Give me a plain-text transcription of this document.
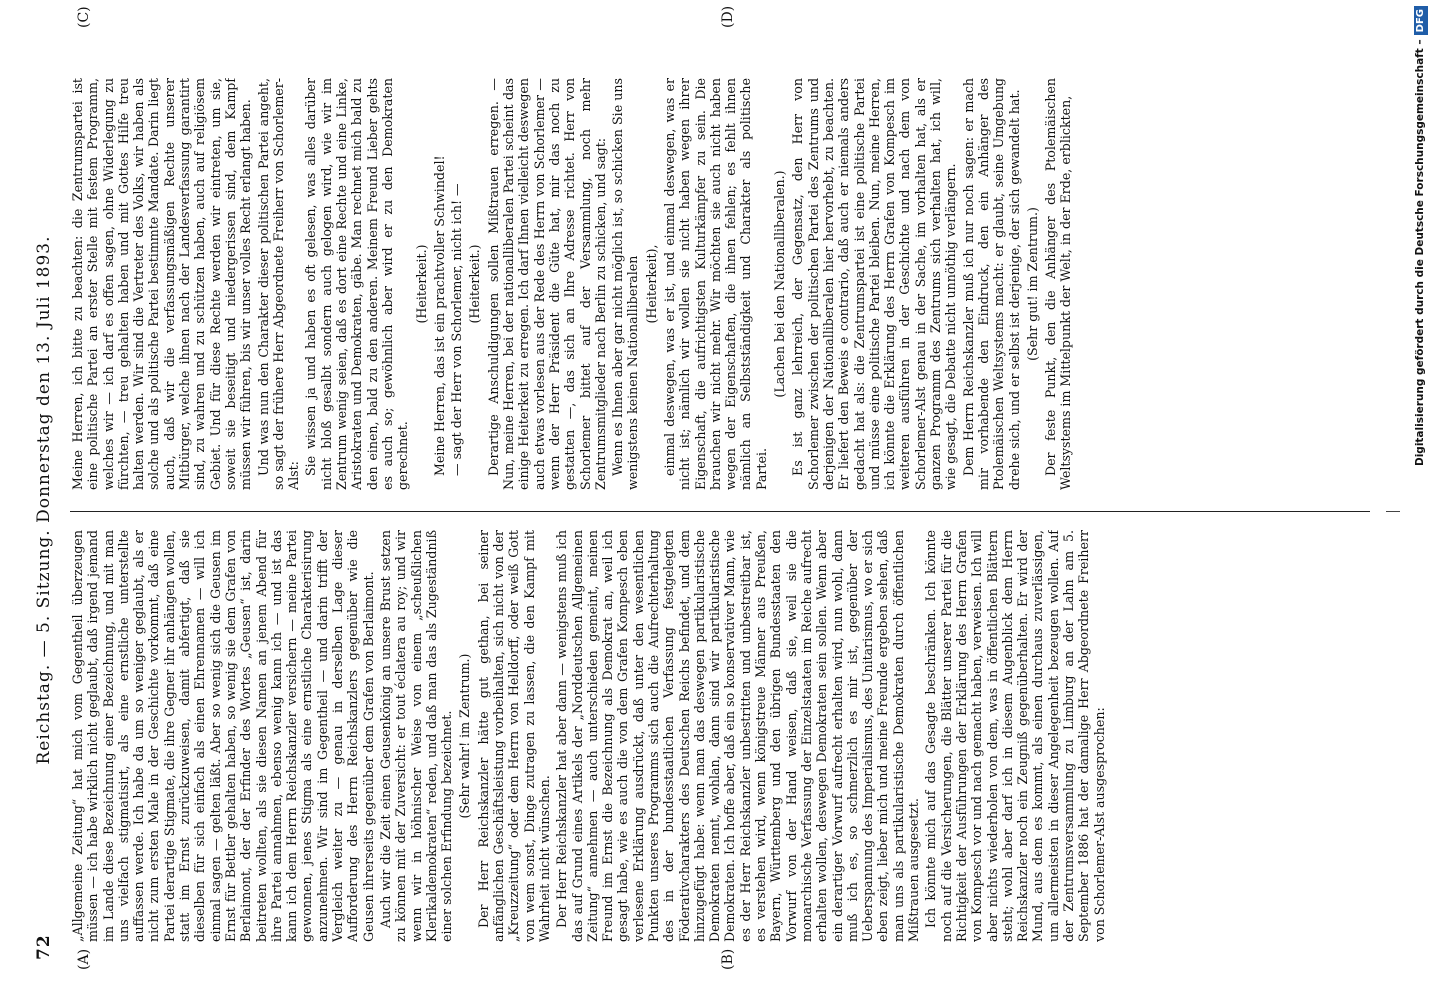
72
Reichstag. — 5. Sitzung. Donnerstag den 13. Juli 1893.
(A)	(B)
(C)	(D)

„Allgemeine Zeitung“ hat mich vom Gegentheil überzeugen müssen — ich habe wirklich nicht geglaubt, daß irgend jemand im Lande diese Bezeichnung einer Bezeichnung, und mit man uns vielfach stigmatisirt, als eine ernstliche unterstellte auffassen werde. Ich habe da um so weniger geglaubt, als er nicht zum ersten Male in der Geschichte vorkommt, daß eine Partei derartige Stigmate, die ihre Gegner ihr anhängen wollen, statt im Ernst zurückzuweisen, damit abfertigt, daß sie dieselben für sich einfach als einen Ehrennamen — will ich einmal sagen — gelten läßt. Aber so wenig sich die Geusen im Ernst für Bettler gehalten haben, so wenig sie dem Grafen von Berlaimont, der der Erfinder des Wortes „Geusen“ ist, darin beitreten wollten, als sie diesen Namen an jenem Abend für ihre Partei annahmen, ebenso wenig kann ich — und ist das kann ich dem Herrn Reichskanzler versichern — meine Partei gewonnen, jenes Stigma als eine ernstliche Charakterisirung anzunehmen. Wir sind im Gegentheil — und darin trifft der Vergleich weiter zu — genau in derselben Lage dieser Aufforderung des Herrn Reichskanzlers gegenüber wie die Geusen ihrerseits gegenüber dem Grafen von Berlaimont. Auch wir die Zeit einen Geusenkönig an unsere Brust setzen zu können mit der Zuversicht: er tout éclatera au roy; und wir wenn wir in höhnischer Weise von einem „scheußlichen Klerikaldemokraten“ reden, und daß man das als Zugeständniß einer solchen Erfindung bezeichnet. (Sehr wahr! im Zentrum.) Der Herr Reichskanzler hätte gut gethan, bei seiner anfänglichen Geschäftsleistung vorbeihalten, sich nicht von der „Kreuzzeitung“ oder dem Herrn von Helldorff, oder weiß Gott von wem sonst, Dinge zutragen zu lassen, die den Kampf mit Wahrheit nicht wünschen. Der Herr Reichskanzler hat aber dann — wenigstens muß ich das auf Grund eines Artikels der „Norddeutschen Allgemeinen Zeitung“ annehmen — auch unterschieden gemeint, meinen Freund im Ernst die Bezeichnung als Demokrat an, weil ich gesagt habe, wie es auch die von dem Grafen Kompesch eben verlesene Erklärung ausdrückt, daß unter den wesentlichen Punkten unseres Programms sich auch die Aufrechterhaltung des in der bundesstaatlichen Verfassung festgelegten Föderativcharakters des Deutschen Reichs befindet, und dem hinzugefügt habe: wenn man das deswegen partikularistische Demokraten nennt, wohlan, dann sind wir partikularistische Demokraten. Ich hoffe aber, daß ein so konservativer Mann, wie es der Herr Reichskanzler unbestritten und unbestreitbar ist, es verstehen wird, wenn königstreue Männer aus Preußen, Bayern, Württemberg und den übrigen Bundesstaaten den Vorwurf von der Hand weisen, daß sie, weil sie die monarchische Verfassung der Einzelstaaten im Reiche aufrecht erhalten wollen, deswegen Demokraten sein sollen. Wenn aber ein derartiger Vorwurf aufrecht erhalten wird, nun wohl, dann muß ich es, so schmerzlich es mir ist, gegenüber der Ueberspannung des Imperialismus, des Unitarismus, wo er sich eben zeigt, lieber mich und meine Freunde ergeben sehen, daß man uns als partikularistische Demokraten durch öffentlichen Mißtrauen ausgesetzt. Ich könnte mich auf das Gesagte beschränken. Ich könnte noch auf die Versicherungen, die Blätter unserer Partei für die Richtigkeit der Ausführungen der Erklärung des Herrn Grafen von Kompesch vor und nach gemacht haben, verweisen. Ich will aber nichts wiederholen von dem, was in öffentlichen Blättern steht; wohl aber darf ich in diesem Augenblick dem Herrn Reichskanzler noch ein Zeugniß gegenüberhalten. Er wird der Mund, aus dem es kommt, als einen durchaus zuverlässigen, um allermeisten in dieser Angelegenheit bezeugen wollen. Auf der Zentrumsversammlung zu Limburg an der Lahn am 5. September 1886 hat der damalige Herr Abgeordnete Freiherr von Schorlemer-Alst ausgesprochen:

Meine Herren, ich bitte zu beachten: die Zentrumspartei ist eine politische Partei an erster Stelle mit festem Programm, welches wir — ich darf es offen sagen, ohne Widerlegung zu fürchten, — treu gehalten haben und mit Gottes Hilfe treu halten werden. Wir sind die Vertreter des Volks, wir haben als solche und als politische Partei bestimmte Mandate. Darin liegt auch, daß wir die verfassungsmäßigen Rechte unserer Mitbürger, welche ihnen nach der Landesverfassung garantirt sind, zu wahren und zu schützen haben, auch auf religiösem Gebiet. Und für diese Rechte werden wir eintreten, um sie, soweit sie beseitigt und niedergerissen sind, dem Kampf müssen wir führen, bis wir unser volles Recht erlangt haben. Und was nun den Charakter dieser politischen Partei angeht, so sagt der frühere Herr Abgeordnete Freiherr von Schorlemer-Alst: Sie wissen ja und haben es oft gelesen, was alles darüber nicht bloß gesalbt sondern auch gelogen wird, wie wir im Zentrum wenig seien, daß es dort eine Rechte und eine Linke, Aristokraten und Demokraten, gäbe. Man rechnet mich bald zu den einen, bald zu den anderen. Meinem Freund Lieber gehts es auch so; gewöhnlich aber wird er zu den Demokraten gerechnet.

(Heiterkeit.) Meine Herren, das ist ein prachtvoller Schwindel! — sagt der Herr von Schorlemer, nicht ich! — (Heiterkeit.) Derartige Anschuldigungen sollen Mißtrauen erregen. — Nun, meine Herren, bei der nationalliberalen Partei scheint das einige Heiterkeit zu erregen. Ich darf Ihnen vielleicht deswegen auch etwas vorlesen aus der Rede des Herrn von Schorlemer — wenn der Herr Präsident die Güte hat, mir das noch zu gestatten —, das sich an Ihre Adresse richtet. Herr von Schorlemer bittet auf der Versammlung, noch mehr Zentrumsmitglieder nach Berlin zu schicken, und sagt: Wenn es Ihnen aber gar nicht möglich ist, so schicken Sie uns wenigstens keinen Nationalliberalen (Heiterkeit), einmal deswegen, was er ist, und einmal deswegen, was er nicht ist; nämlich wir wollen sie nicht haben wegen ihrer Eigenschaft, die aufrichtigsten Kulturkämpfer zu sein. Die brauchen wir nicht mehr. Wir möchten sie auch nicht haben wegen der Eigenschaften, die ihnen fehlen; es fehlt ihnen nämlich an Selbstständigkeit und Charakter als politische Partei.

(Lachen bei den Nationalliberalen.) Es ist ganz lehrreich, der Gegensatz, den Herr von Schorlemer zwischen der politischen Partei des Zentrums und derjenigen der Nationalliberalen hier hervorhebt, zu beachten. Er liefert den Beweis e contrario, daß auch er niemals anders gedacht hat als: die Zentrumspartei ist eine politische Partei und müsse eine politische Partei bleiben. Nun, meine Herren, ich könnte die Erklärung des Herrn Grafen von Kompesch im weiteren ausführen in der Geschichte und nach dem von Schorlemer-Alst genau in der Sache, im vorhalten hat, als er ganzen Programm des Zentrums sich verhalten hat, ich will, wie gesagt, die Debatte nicht unnöthig verlängern. Dem Herrn Reichskanzler muß ich nur noch sagen: er mach mir vorhabende den Eindruck, den ein Anhänger des Ptolemäischen Weltsystems macht: er glaubt, seine Umgebung drehe sich, und er selbst ist derjenige, der sich gewandelt hat. (Sehr gut! im Zentrum.) Der feste Punkt, den die Anhänger des Ptolemäischen Weltsystems im Mittelpunkt der Welt, in der Erde, erblickten,	Digitalisierung gefördert durch die Deutsche Forschungsgemeinschaft –DFG
